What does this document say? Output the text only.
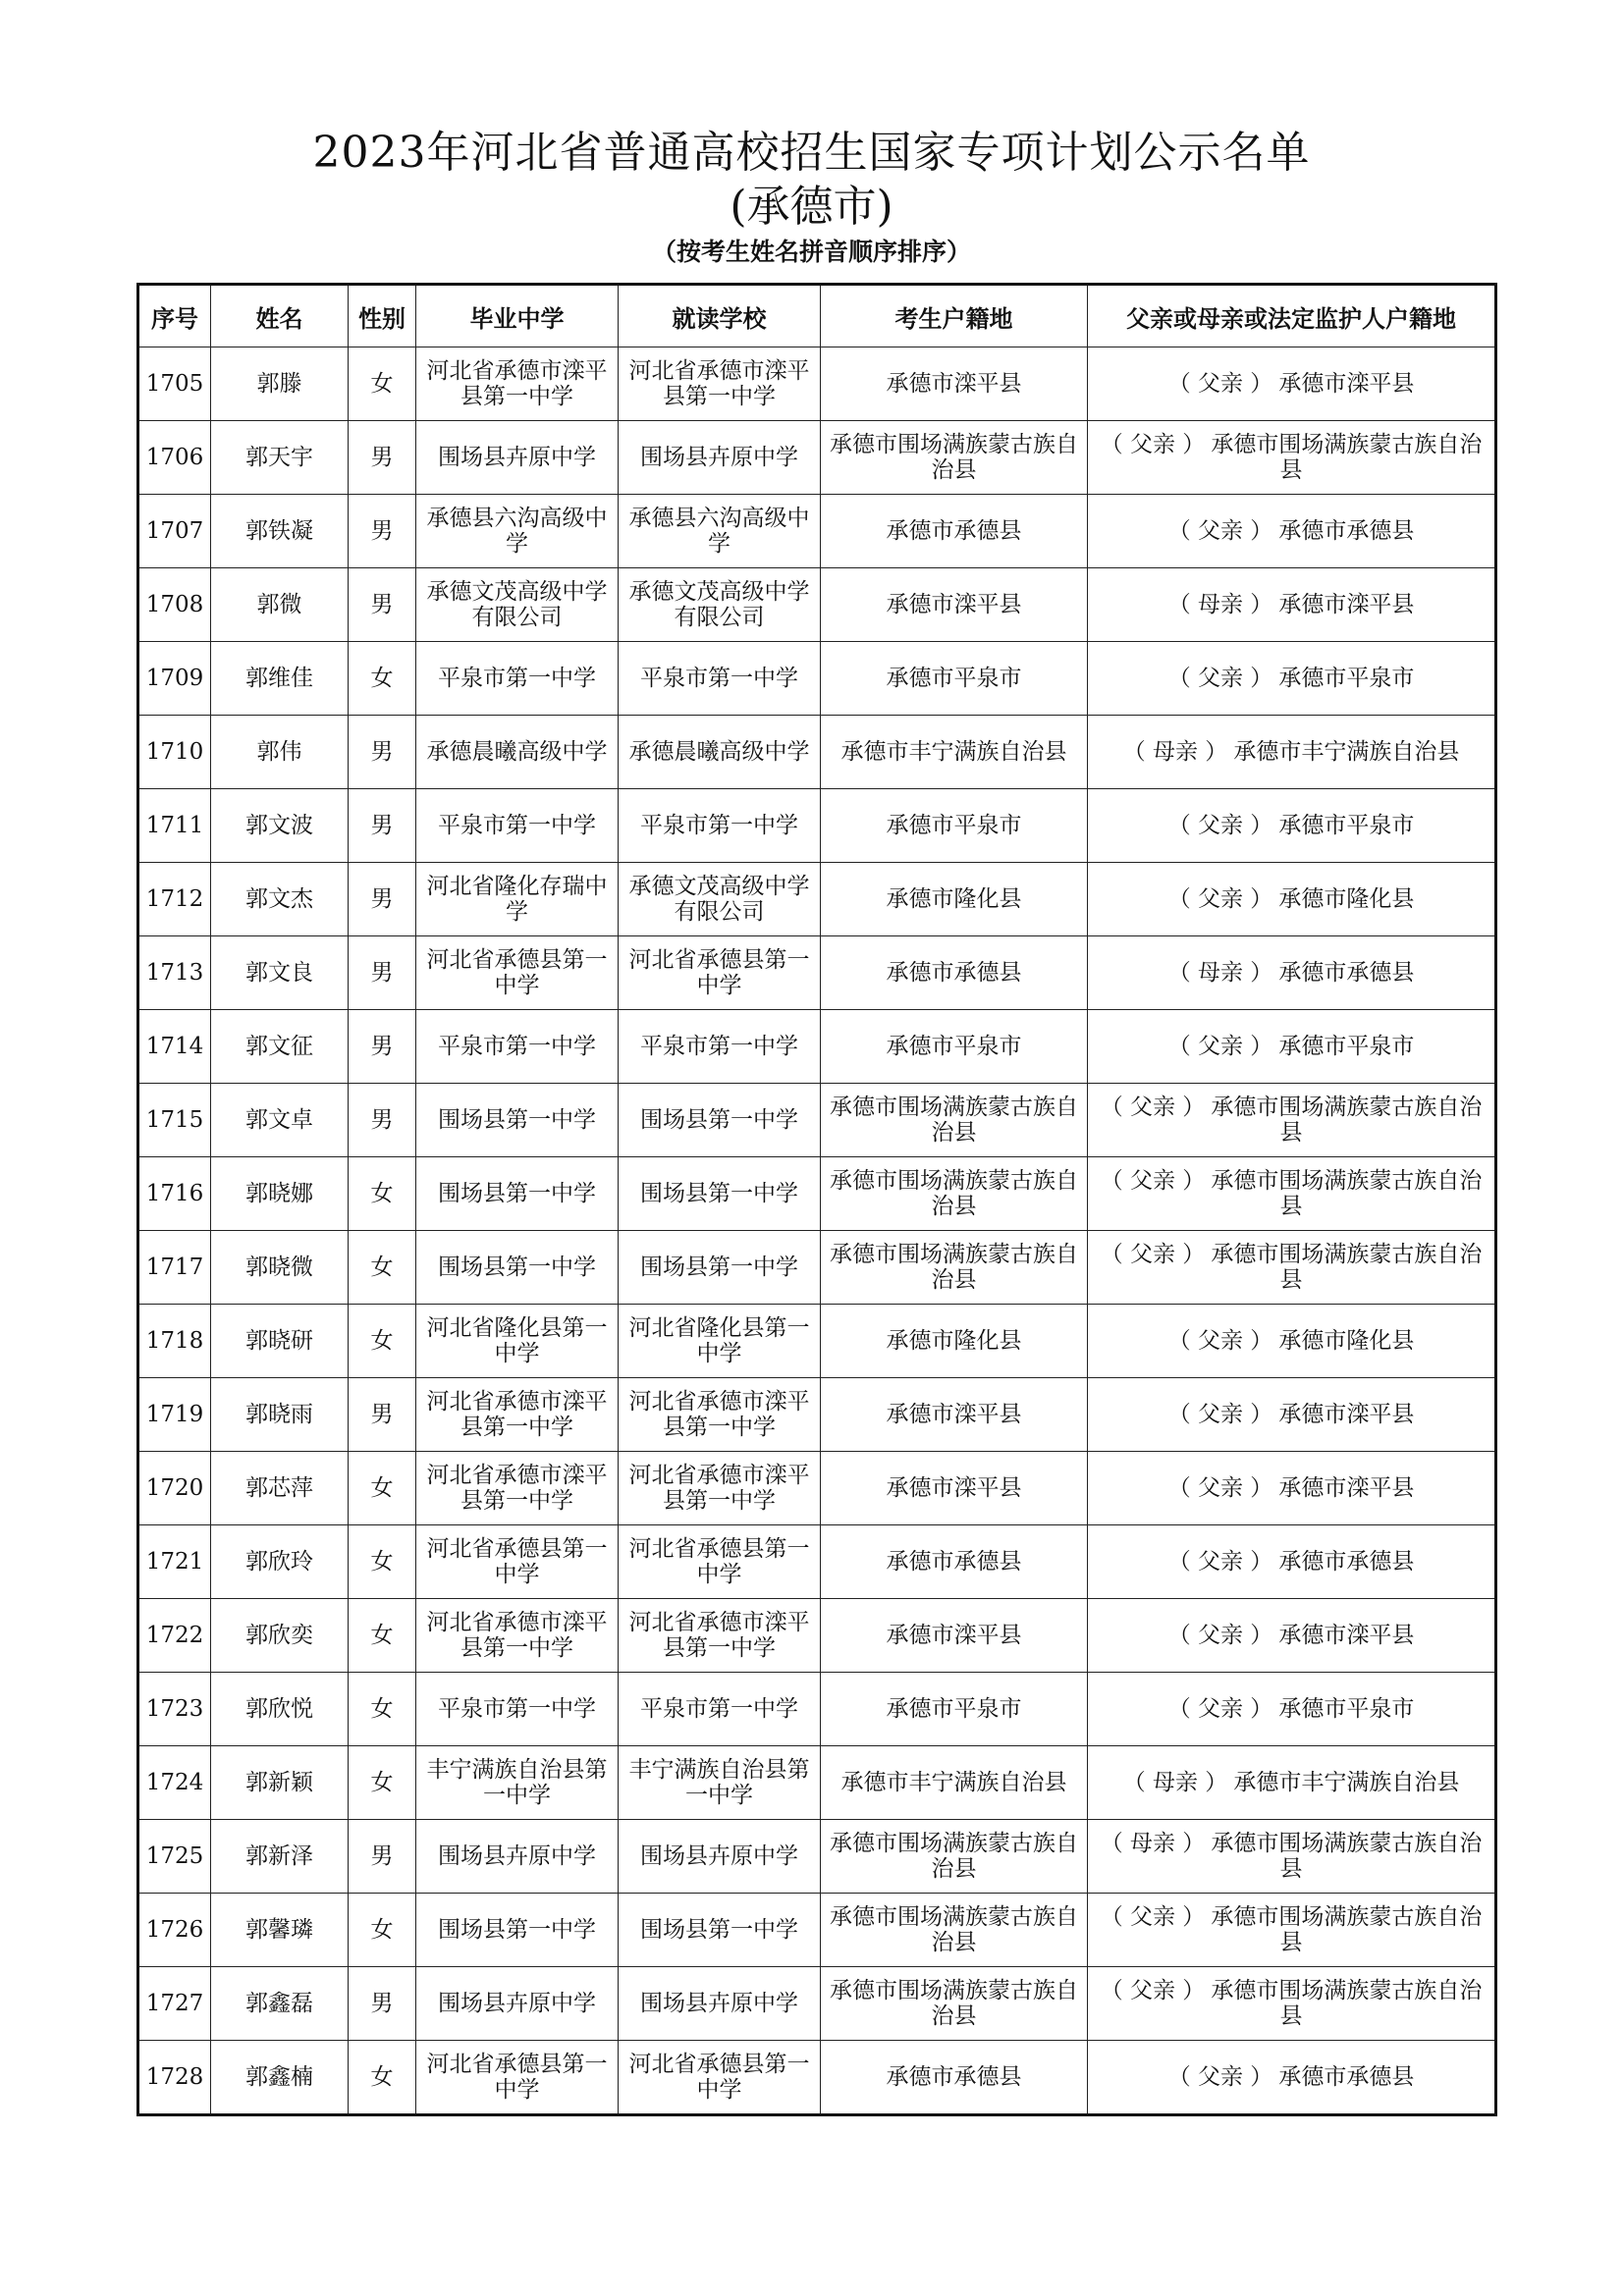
2023年河北省普通高校招生国家专项计划公示名单
(承德市)
（按考生姓名拼音顺序排序）
序号	姓名	性别	毕业中学	就读学校	考生户籍地	父亲或母亲或法定监护人户籍地
1705	郭滕	女	河北省承德市滦平县第一中学	河北省承德市滦平县第一中学	承德市滦平县	（ 父亲 ） 承德市滦平县
1706	郭天宇	男	围场县卉原中学	围场县卉原中学	承德市围场满族蒙古族自治县	（ 父亲 ） 承德市围场满族蒙古族自治县
1707	郭铁凝	男	承德县六沟高级中学	承德县六沟高级中学	承德市承德县	（ 父亲 ） 承德市承德县
1708	郭微	男	承德文茂高级中学有限公司	承德文茂高级中学有限公司	承德市滦平县	（ 母亲 ） 承德市滦平县
1709	郭维佳	女	平泉市第一中学	平泉市第一中学	承德市平泉市	（ 父亲 ） 承德市平泉市
1710	郭伟	男	承德晨曦高级中学	承德晨曦高级中学	承德市丰宁满族自治县	（ 母亲 ） 承德市丰宁满族自治县
1711	郭文波	男	平泉市第一中学	平泉市第一中学	承德市平泉市	（ 父亲 ） 承德市平泉市
1712	郭文杰	男	河北省隆化存瑞中学	承德文茂高级中学有限公司	承德市隆化县	（ 父亲 ） 承德市隆化县
1713	郭文良	男	河北省承德县第一中学	河北省承德县第一中学	承德市承德县	（ 母亲 ） 承德市承德县
1714	郭文征	男	平泉市第一中学	平泉市第一中学	承德市平泉市	（ 父亲 ） 承德市平泉市
1715	郭文卓	男	围场县第一中学	围场县第一中学	承德市围场满族蒙古族自治县	（ 父亲 ） 承德市围场满族蒙古族自治县
1716	郭晓娜	女	围场县第一中学	围场县第一中学	承德市围场满族蒙古族自治县	（ 父亲 ） 承德市围场满族蒙古族自治县
1717	郭晓微	女	围场县第一中学	围场县第一中学	承德市围场满族蒙古族自治县	（ 父亲 ） 承德市围场满族蒙古族自治县
1718	郭晓研	女	河北省隆化县第一中学	河北省隆化县第一中学	承德市隆化县	（ 父亲 ） 承德市隆化县
1719	郭晓雨	男	河北省承德市滦平县第一中学	河北省承德市滦平县第一中学	承德市滦平县	（ 父亲 ） 承德市滦平县
1720	郭芯萍	女	河北省承德市滦平县第一中学	河北省承德市滦平县第一中学	承德市滦平县	（ 父亲 ） 承德市滦平县
1721	郭欣玲	女	河北省承德县第一中学	河北省承德县第一中学	承德市承德县	（ 父亲 ） 承德市承德县
1722	郭欣奕	女	河北省承德市滦平县第一中学	河北省承德市滦平县第一中学	承德市滦平县	（ 父亲 ） 承德市滦平县
1723	郭欣悦	女	平泉市第一中学	平泉市第一中学	承德市平泉市	（ 父亲 ） 承德市平泉市
1724	郭新颖	女	丰宁满族自治县第一中学	丰宁满族自治县第一中学	承德市丰宁满族自治县	（ 母亲 ） 承德市丰宁满族自治县
1725	郭新泽	男	围场县卉原中学	围场县卉原中学	承德市围场满族蒙古族自治县	（ 母亲 ） 承德市围场满族蒙古族自治县
1726	郭馨璘	女	围场县第一中学	围场县第一中学	承德市围场满族蒙古族自治县	（ 父亲 ） 承德市围场满族蒙古族自治县
1727	郭鑫磊	男	围场县卉原中学	围场县卉原中学	承德市围场满族蒙古族自治县	（ 父亲 ） 承德市围场满族蒙古族自治县
1728	郭鑫楠	女	河北省承德县第一中学	河北省承德县第一中学	承德市承德县	（ 父亲 ） 承德市承德县
